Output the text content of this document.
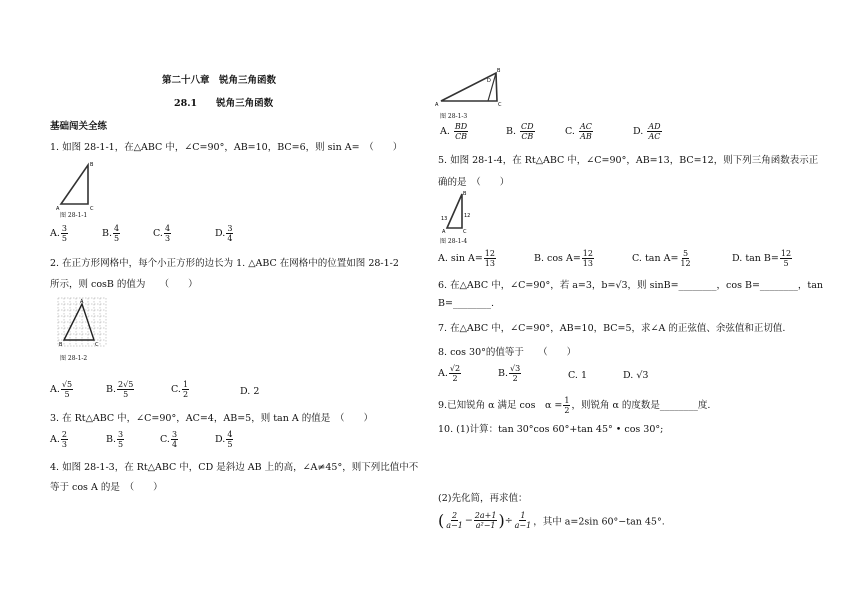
第二十八章　锐角三角函数
28.1　　锐角三角函数
基础闯关全练
1. 如图 28-1-1，在△ABC 中，∠C=90°，AB=10，BC=6，则 sin A=　（　　）
A	C
B
图 28-1-1
A. $\frac{3}{5}$	B. $\frac{4}{5}$	C. $\frac{4}{3}$	D. $\frac{3}{4}$
2. 在正方形网格中，每个小正方形的边长为 1. △ABC 在网格中的位置如图 28-1-2
所示，则 cosB 的值为　　（　　）
A
B	C
图 28-1-2
A. $\frac{√5}{5}$	B. $\frac{2√5}{5}$	C. $\frac{1}{2}$	D. 2
3. 在 Rt△ABC 中，∠C=90°，AC=4，AB=5，则 tan A 的值是　（　　）
A. $\frac{2}{3}$	B. $\frac{3}{5}$	C. $\frac{3}{4}$	D. $\frac{4}{5}$
4. 如图 28-1-3，在 Rt△ABC 中，CD 是斜边 AB 上的高，∠A≠45°，则下列比值中不
等于 cos A 的是　（　　）
A
D
B
C
图 28-1-3
A. $\frac{BD}{CB}$	B. $\frac{CD}{CB}$	C. $\frac{AC}{AB}$	D. $\frac{AD}{AC}$
5. 如图 28-1-4，在 Rt△ABC 中，∠C=90°，AB=13，BC=12，则下列三角函数表示正
确的是　（　　）
13	12
A	C
B
图 28-1-4
A. $\sin A= \frac{12}{13}$	B. $\cos A= \frac{12}{13}$	C. $\tan A= \frac{5}{12}$	D. $\tan B= \frac{12}{5}$
6. 在△ABC 中，∠C=90°，若 a=3，b=√3，则 sinB=________，cos B=________，tan
B=________.
7. 在△ABC 中，∠C=90°，AB=10，BC=5，求∠A 的正弦值、余弦值和正切值.
8. cos 30°的值等于　　（　　）
A. $\frac{√2}{2}$	B. $\frac{√3}{2}$	C. 1	D. √3
9.已知锐角 α 满足 cos　$\alpha = \frac{1}{2}$ ，则锐角 α 的度数是________度.
10. (1)计算：tan 30°cos 60°+tan 45° • cos 30°;
(2)先化简，再求值：
( $\frac{2}{a-1} - \frac{2a+1}{\text{a²−1}}$ )÷ $\frac{1}{a-1}$ ，其中 a=2sin 60°−tan 45°.
